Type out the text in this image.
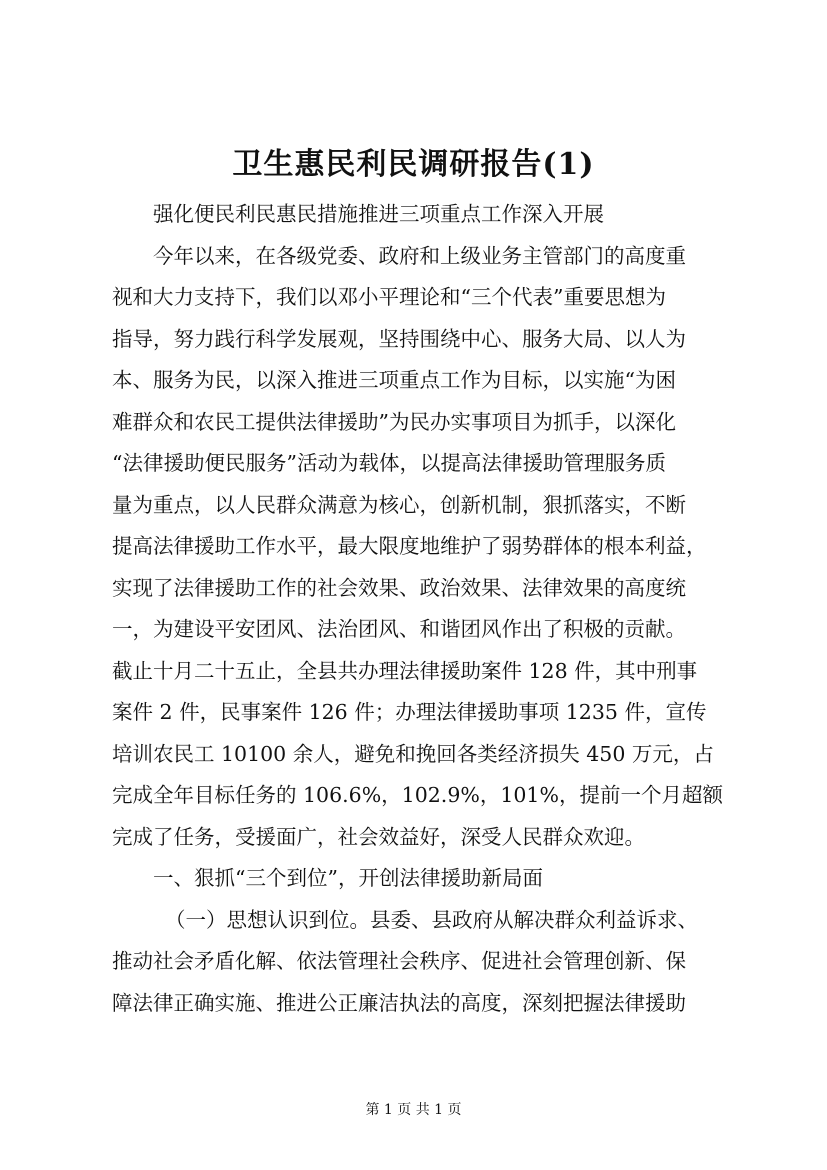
卫生惠民利民调研报告(1)
强化便民利民惠民措施推进三项重点工作深入开展
今年以来，在各级党委、政府和上级业务主管部门的高度重
视和大力支持下，我们以邓小平理论和“三个代表”重要思想为
指导，努力践行科学发展观，坚持围绕中心、服务大局、以人为
本、服务为民，以深入推进三项重点工作为目标，以实施“为困
难群众和农民工提供法律援助”为民办实事项目为抓手，以深化
“法律援助便民服务”活动为载体，以提高法律援助管理服务质
量为重点，以人民群众满意为核心，创新机制，狠抓落实，不断
提高法律援助工作水平，最大限度地维护了弱势群体的根本利益，
实现了法律援助工作的社会效果、政治效果、法律效果的高度统
一，为建设平安团风、法治团风、和谐团风作出了积极的贡献。
截止十月二十五止，全县共办理法律援助案件 128 件，其中刑事
案件 2 件，民事案件 126 件；办理法律援助事项 1235 件，宣传
培训农民工 10100 余人，避免和挽回各类经济损失 450 万元，占
完成全年目标任务的 106.6%，102.9%，101%，提前一个月超额
完成了任务，受援面广，社会效益好，深受人民群众欢迎。
一、狠抓“三个到位”，开创法律援助新局面
（一）思想认识到位。县委、县政府从解决群众利益诉求、
推动社会矛盾化解、依法管理社会秩序、促进社会管理创新、保
障法律正确实施、推进公正廉洁执法的高度，深刻把握法律援助
第 1 页 共 1 页
